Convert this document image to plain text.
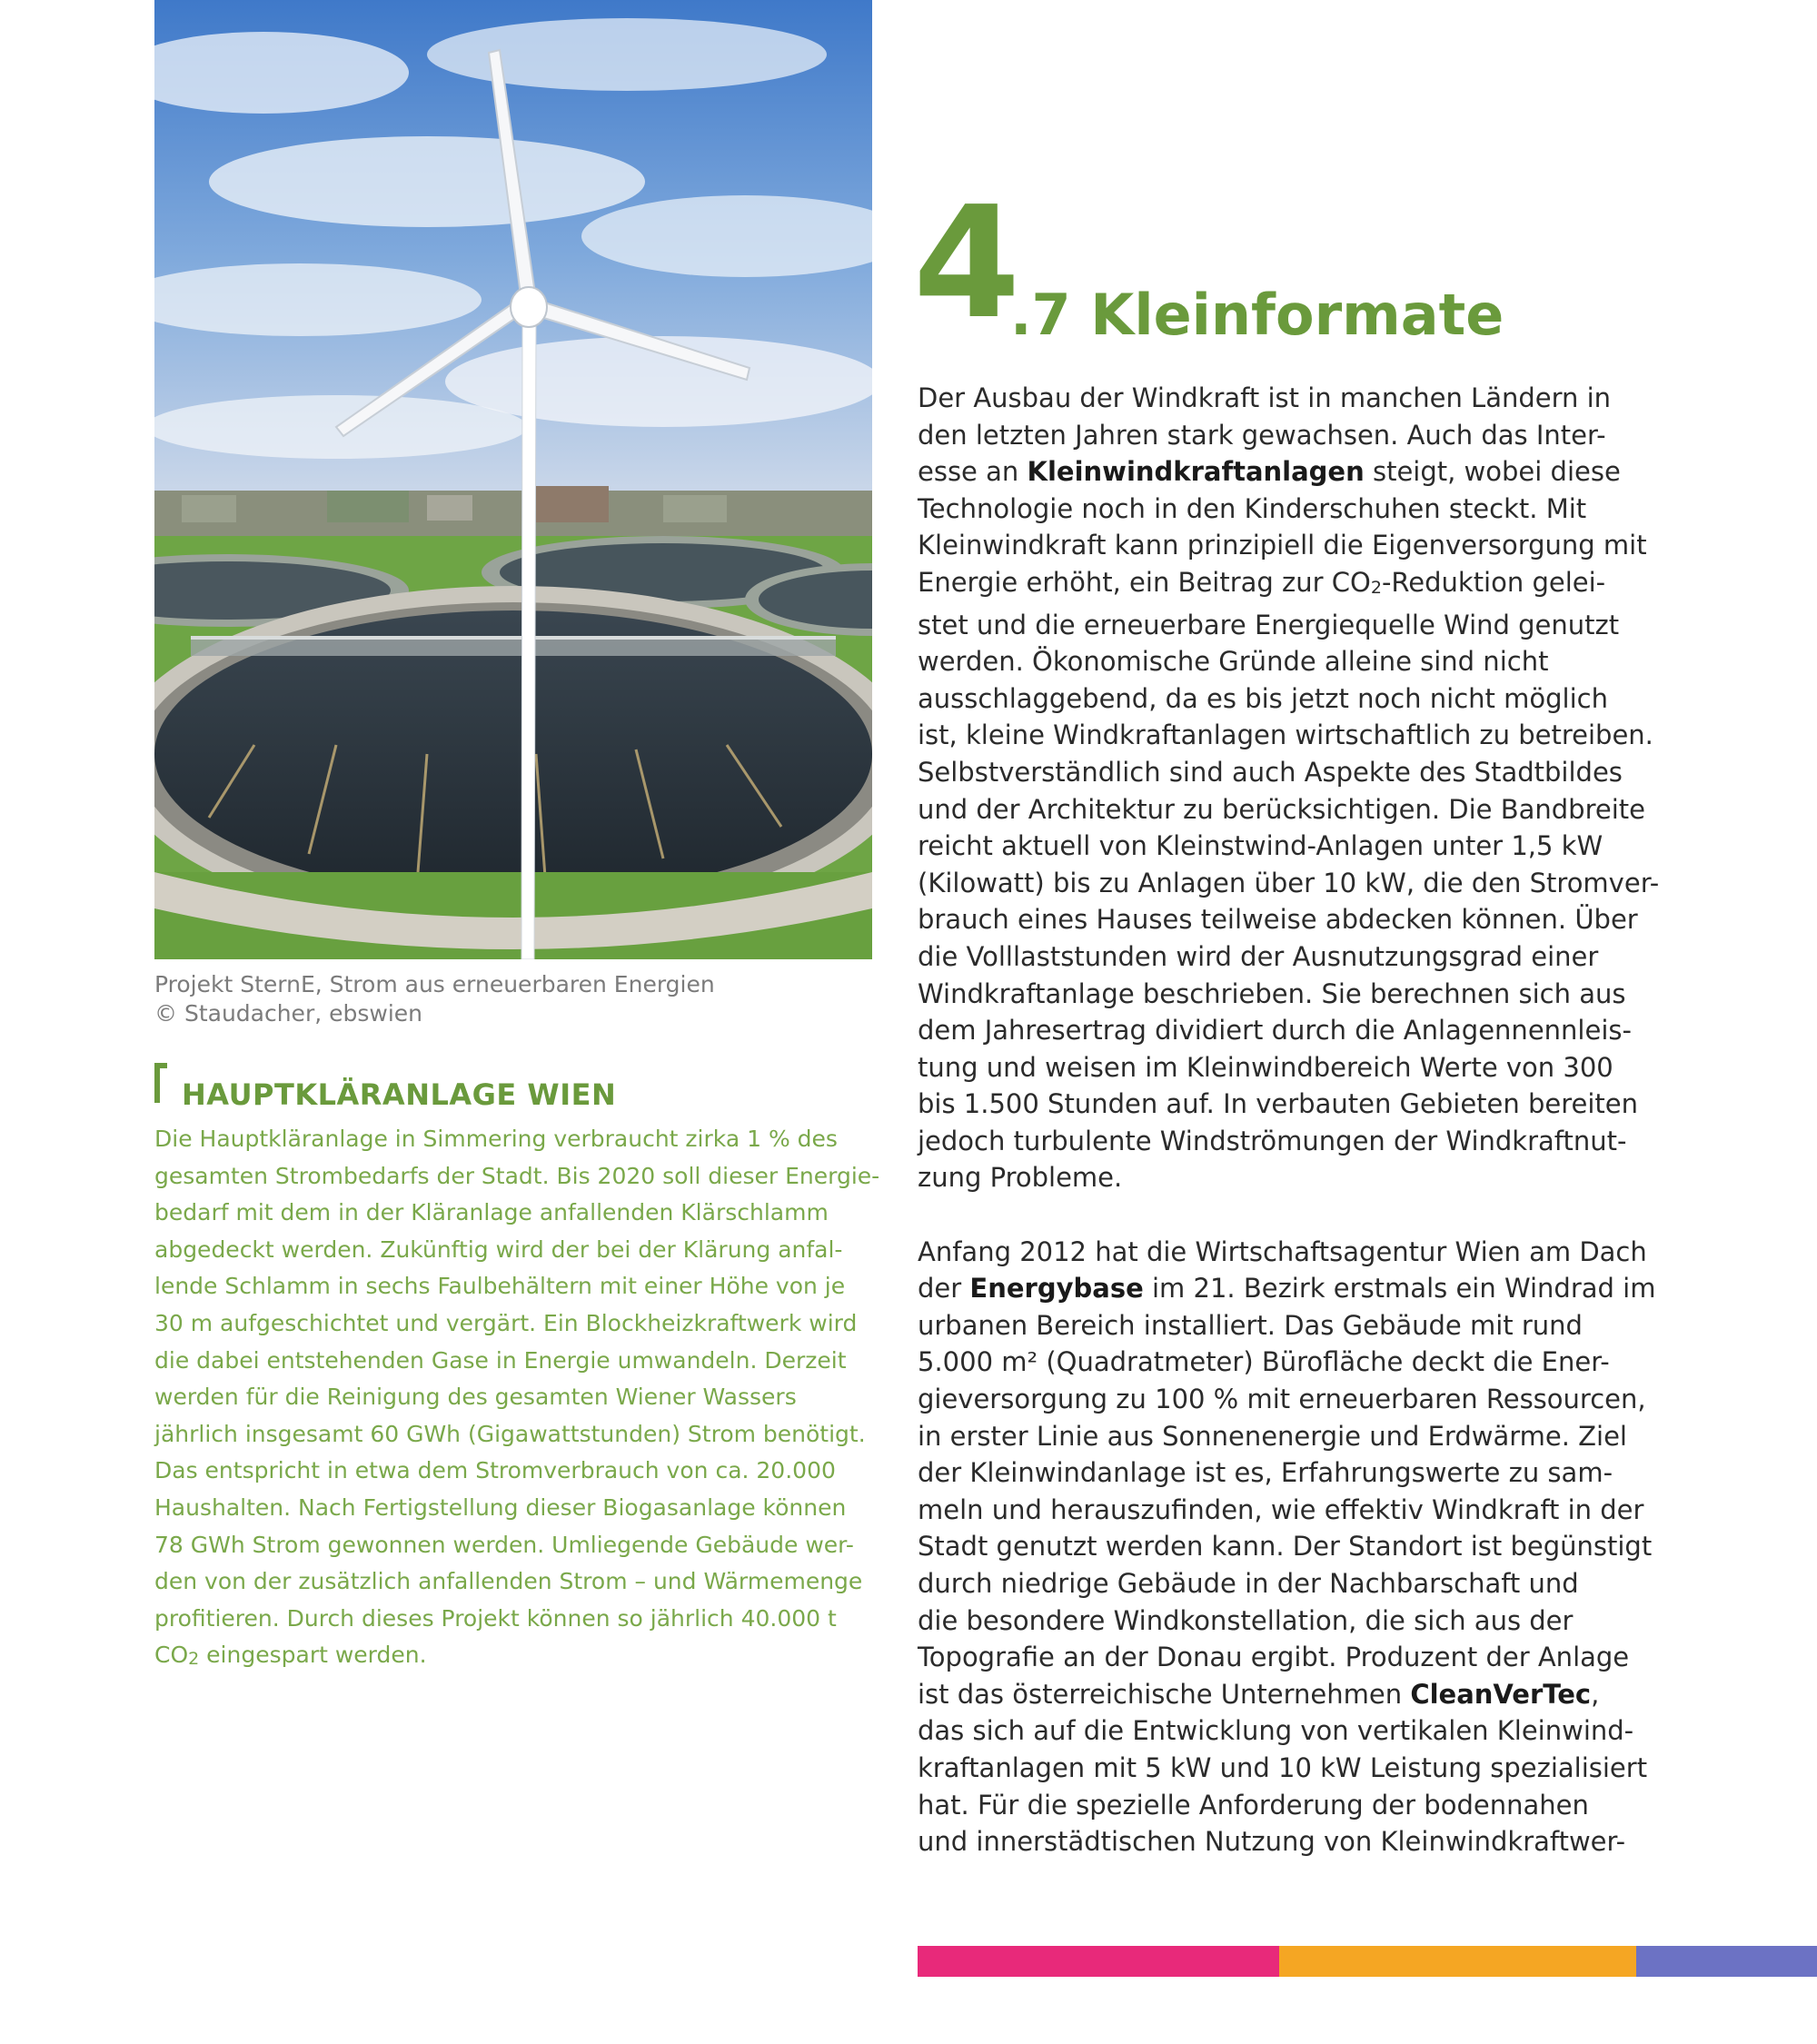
Projekt SternE, Strom aus erneuerbaren Energien
© Staudacher, ebswien
HAUPTKLÄRANLAGE WIEN
Die Hauptkläranlage in Simmering verbraucht zirka 1 % des
gesamten Strombedarfs der Stadt. Bis 2020 soll dieser Energie-
bedarf mit dem in der Kläranlage anfallenden Klärschlamm
abgedeckt werden. Zukünftig wird der bei der Klärung anfal-
lende Schlamm in sechs Faulbehältern mit einer Höhe von je
30 m aufgeschichtet und vergärt. Ein Blockheizkraftwerk wird
die dabei entstehenden Gase in Energie umwandeln. Derzeit
werden für die Reinigung des gesamten Wiener Wassers
jährlich insgesamt 60 GWh (Gigawattstunden) Strom benötigt.
Das entspricht in etwa dem Stromverbrauch von ca. 20.000
Haushalten. Nach Fertigstellung dieser Biogasanlage können
78 GWh Strom gewonnen werden. Umliegende Gebäude wer-
den von der zusätzlich anfallenden Strom – und Wärmemenge
profitieren. Durch dieses Projekt können so jährlich 40.000 t
CO2 eingespart werden.
4
.7 Kleinformate
Der Ausbau der Windkraft ist in manchen Ländern in
den letzten Jahren stark gewachsen. Auch das Inter-
esse an Kleinwindkraftanlagen steigt, wobei diese
Technologie noch in den Kinderschuhen steckt. Mit
Kleinwindkraft kann prinzipiell die Eigenversorgung mit
Energie erhöht, ein Beitrag zur CO2-Reduktion gelei-
stet und die erneuerbare Energiequelle Wind genutzt
werden. Ökonomische Gründe alleine sind nicht
ausschlaggebend, da es bis jetzt noch nicht möglich
ist, kleine Windkraftanlagen wirtschaftlich zu betreiben.
Selbstverständlich sind auch Aspekte des Stadtbildes
und der Architektur zu berücksichtigen. Die Bandbreite
reicht aktuell von Kleinstwind-Anlagen unter 1,5 kW
(Kilowatt) bis zu Anlagen über 10 kW, die den Stromver-
brauch eines Hauses teilweise abdecken können. Über
die Volllaststunden wird der Ausnutzungsgrad einer
Windkraftanlage beschrieben. Sie berechnen sich aus
dem Jahresertrag dividiert durch die Anlagennennleis-
tung und weisen im Kleinwindbereich Werte von 300
bis 1.500 Stunden auf. In verbauten Gebieten bereiten
jedoch turbulente Windströmungen der Windkraftnut-
zung Probleme.
Anfang 2012 hat die Wirtschaftsagentur Wien am Dach
der Energybase im 21. Bezirk erstmals ein Windrad im
urbanen Bereich installiert. Das Gebäude mit rund
5.000 m² (Quadratmeter) Bürofläche deckt die Ener-
gieversorgung zu 100 % mit erneuerbaren Ressourcen,
in erster Linie aus Sonnenenergie und Erdwärme. Ziel
der Kleinwindanlage ist es, Erfahrungswerte zu sam-
meln und herauszufinden, wie effektiv Windkraft in der
Stadt genutzt werden kann. Der Standort ist begünstigt
durch niedrige Gebäude in der Nachbarschaft und
die besondere Windkonstellation, die sich aus der
Topografie an der Donau ergibt. Produzent der Anlage
ist das österreichische Unternehmen CleanVerTec,
das sich auf die Entwicklung von vertikalen Kleinwind-
kraftanlagen mit 5 kW und 10 kW Leistung spezialisiert
hat. Für die spezielle Anforderung der bodennahen
und innerstädtischen Nutzung von Kleinwindkraftwer-
